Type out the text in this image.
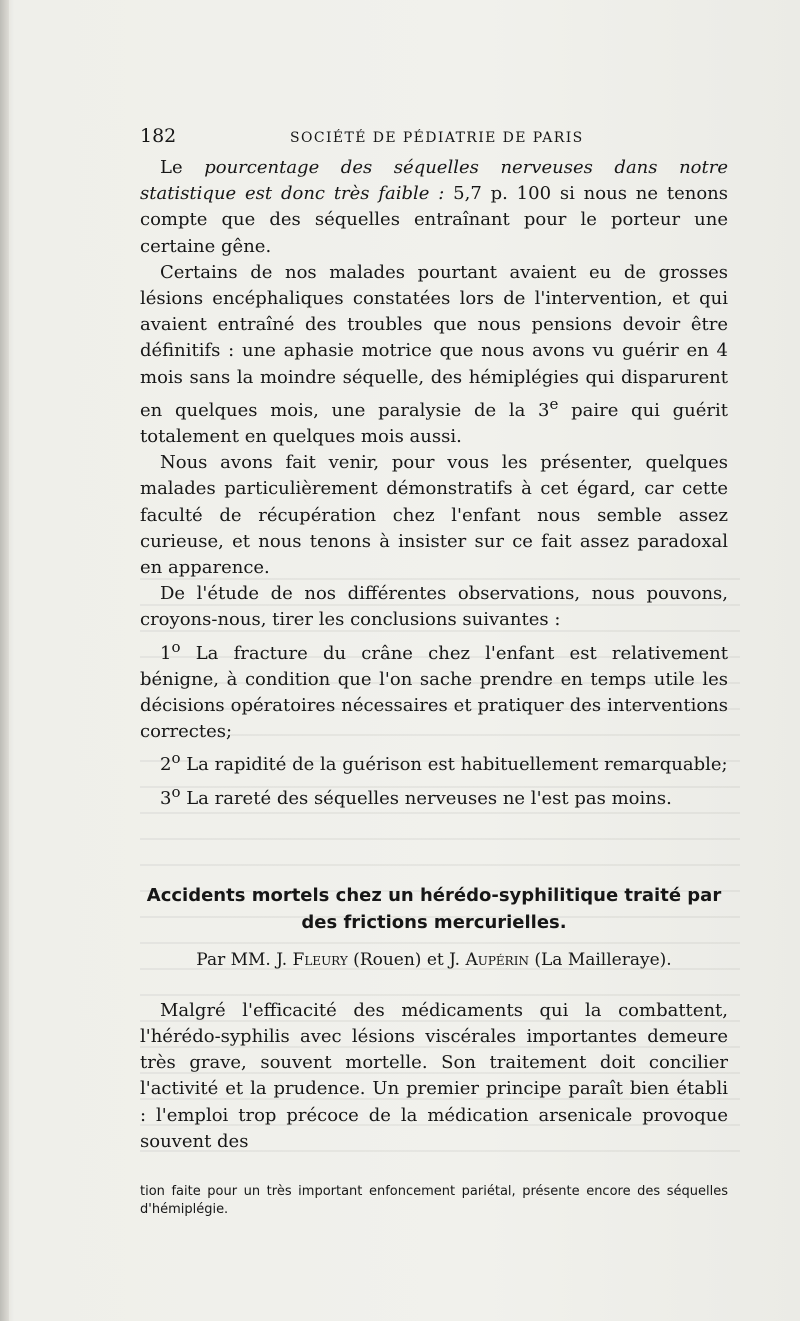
182	SOCIÉTÉ DE PÉDIATRIE DE PARIS

Le pourcentage des séquelles nerveuses dans notre statistique est donc très faible : 5,7 p. 100 si nous ne tenons compte que des séquelles entraînant pour le porteur une certaine gêne.

Certains de nos malades pourtant avaient eu de grosses lésions encéphaliques constatées lors de l'intervention, et qui avaient entraîné des troubles que nous pensions devoir être définitifs : une aphasie motrice que nous avons vu guérir en 4 mois sans la moindre séquelle, des hémiplégies qui disparurent en quelques mois, une paralysie de la 3e paire qui guérit totalement en quelques mois aussi.

Nous avons fait venir, pour vous les présenter, quelques malades particulièrement démonstratifs à cet égard, car cette faculté de récupération chez l'enfant nous semble assez curieuse, et nous tenons à insister sur ce fait assez paradoxal en apparence.

De l'étude de nos différentes observations, nous pouvons, croyons-nous, tirer les conclusions suivantes :

1$^o$ La fracture du crâne chez l'enfant est relativement bénigne, à condition que l'on sache prendre en temps utile les décisions opératoires nécessaires et pratiquer des interventions correctes;

2$^o$ La rapidité de la guérison est habituellement remarquable;

3$^o$ La rareté des séquelles nerveuses ne l'est pas moins.

Accidents mortels chez un hérédo-syphilitique traité par des frictions mercurielles.
Par MM. J. Fleury (Rouen) et J. Aupérin (La Mailleraye).

Malgré l'efficacité des médicaments qui la combattent, l'hérédo-syphilis avec lésions viscérales importantes demeure très grave, souvent mortelle. Son traitement doit concilier l'activité et la prudence. Un premier principe paraît bien établi : l'emploi trop précoce de la médication arsenicale provoque souvent des

tion faite pour un très important enfoncement pariétal, présente encore des séquelles d'hémiplégie.
